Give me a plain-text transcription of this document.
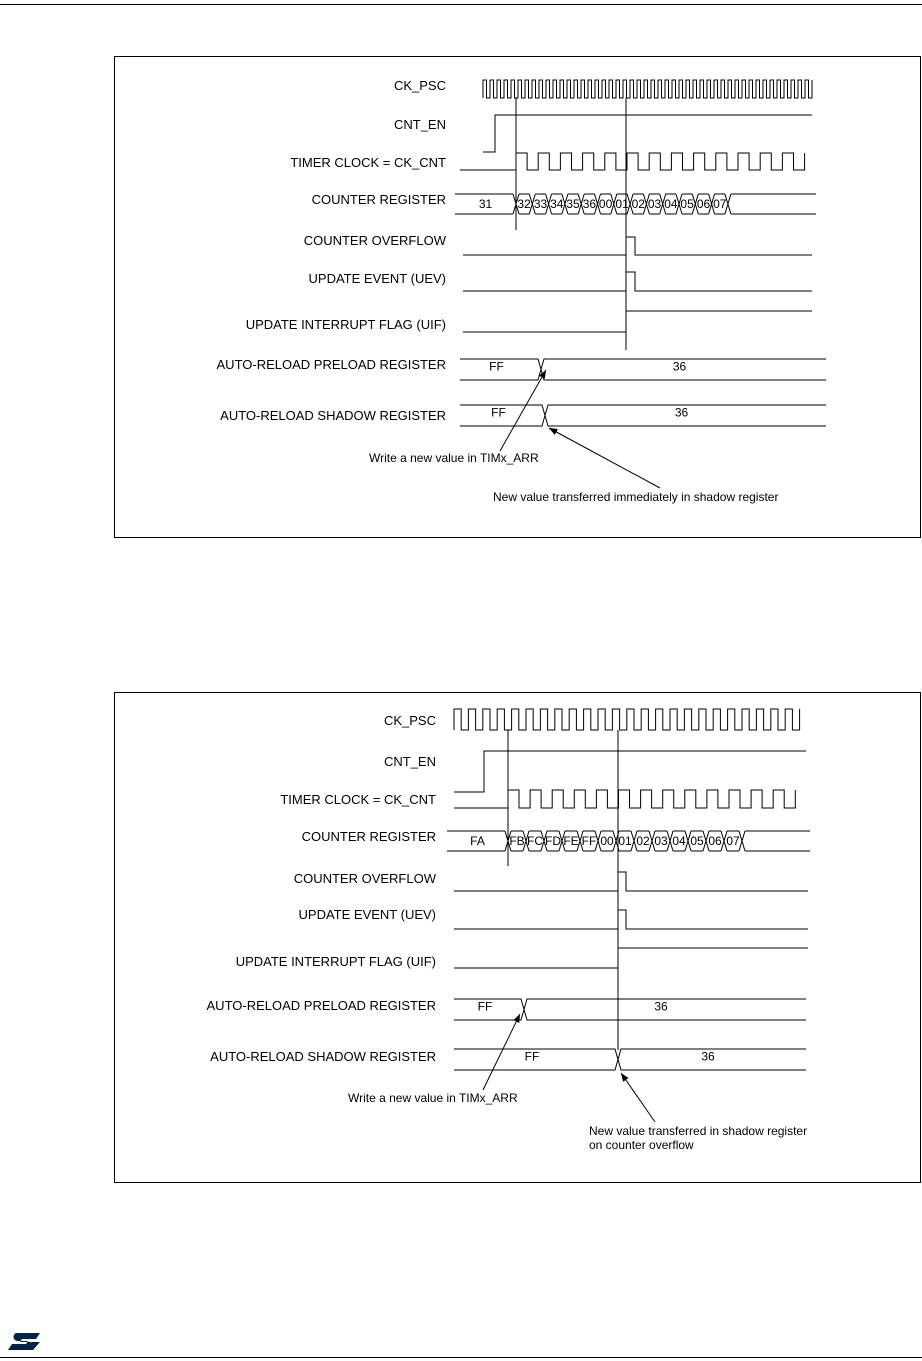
CK_PSC
CNT_EN
TIMER CLOCK = CK_CNT
COUNTER REGISTER
COUNTER OVERFLOW
UPDATE EVENT (UEV)
UPDATE INTERRUPT FLAG (UIF)
AUTO-RELOAD PRELOAD REGISTER
AUTO-RELOAD SHADOW REGISTER
31 32 33 34 35 36 00 01 02 03 04 05 06 07
FF	36
FF	36
Write a new value in TIMx_ARR
New value transferred immediately in shadow register
CK_PSC
CNT_EN
TIMER CLOCK = CK_CNT
COUNTER REGISTER
COUNTER OVERFLOW
UPDATE EVENT (UEV)
UPDATE INTERRUPT FLAG (UIF)
AUTO-RELOAD PRELOAD REGISTER
AUTO-RELOAD SHADOW REGISTER
FA FB FC FD FE FF 00 01 02 03 04 05 06 07
FF	36
FF	36
Write a new value in TIMx_ARR
New value transferred in shadow register
on counter overflow
